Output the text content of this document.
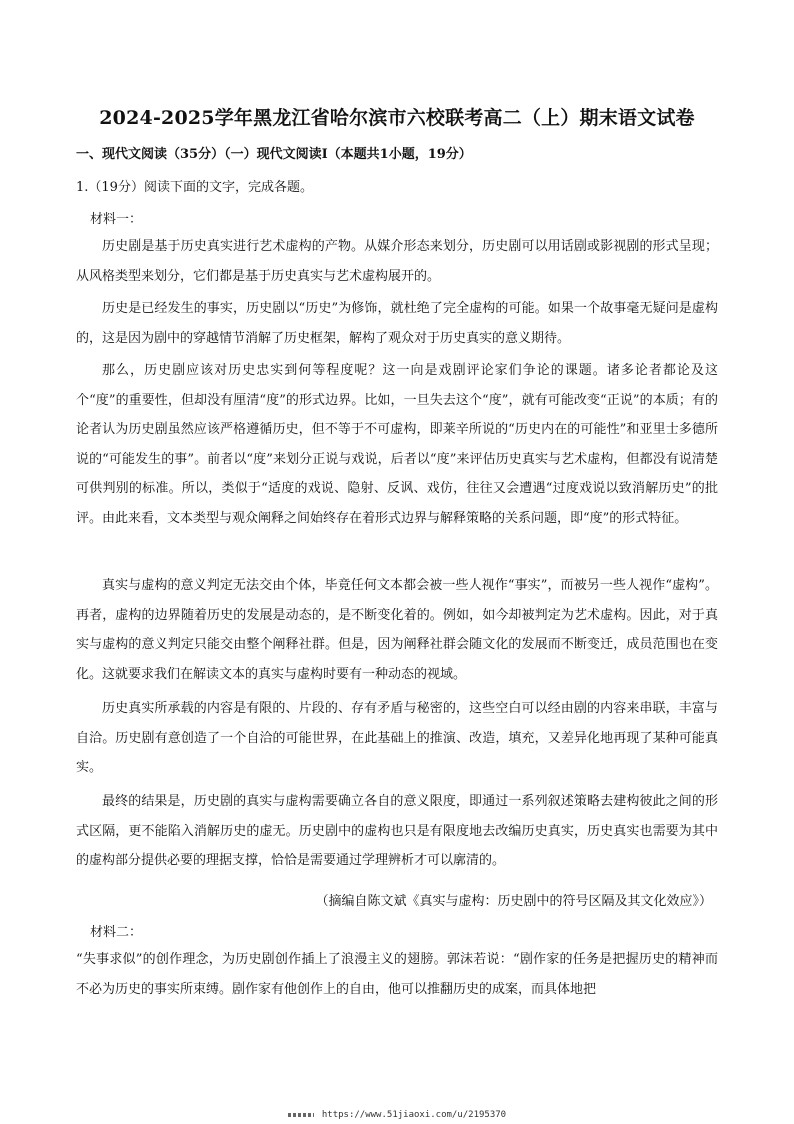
2024-2025学年黑龙江省哈尔滨市六校联考高二（上）期末语文试卷
一、现代文阅读（35分）（一）现代文阅读Ⅰ（本题共1小题，19分）
1.（19分）阅读下面的文字，完成各题。
材料一：
历史剧是基于历史真实进行艺术虚构的产物。从媒介形态来划分，历史剧可以用话剧或影视剧的形式呈现；从风格类型来划分，它们都是基于历史真实与艺术虚构展开的。
历史是已经发生的事实，历史剧以“历史”为修饰，就杜绝了完全虚构的可能。如果一个故事毫无疑问是虚构的，这是因为剧中的穿越情节消解了历史框架，解构了观众对于历史真实的意义期待。
那么，历史剧应该对历史忠实到何等程度呢？这一向是戏剧评论家们争论的课题。诸多论者都论及这个“度”的重要性，但却没有厘清“度”的形式边界。比如，一旦失去这个“度”，就有可能改变“正说”的本质；有的论者认为历史剧虽然应该严格遵循历史，但不等于不可虚构，即莱辛所说的“历史内在的可能性”和亚里士多德所说的“可能发生的事”。前者以“度”来划分正说与戏说，后者以“度”来评估历史真实与艺术虚构，但都没有说清楚可供判别的标准。所以，类似于“适度的戏说、隐射、反讽、戏仿，往往又会遭遇“过度戏说以致消解历史”的批评。由此来看，文本类型与观众阐释之间始终存在着形式边界与解释策略的关系问题，即“度”的形式特征。
真实与虚构的意义判定无法交由个体，毕竟任何文本都会被一些人视作“事实”，而被另一些人视作“虚构”。再者，虚构的边界随着历史的发展是动态的，是不断变化着的。例如，如今却被判定为艺术虚构。因此，对于真实与虚构的意义判定只能交由整个阐释社群。但是，因为阐释社群会随文化的发展而不断变迁，成员范围也在变化。这就要求我们在解读文本的真实与虚构时要有一种动态的视域。
历史真实所承载的内容是有限的、片段的、存有矛盾与秘密的，这些空白可以经由剧的内容来串联，丰富与自洽。历史剧有意创造了一个自洽的可能世界，在此基础上的推演、改造，填充，又差异化地再现了某种可能真实。
最终的结果是，历史剧的真实与虚构需要确立各自的意义限度，即通过一系列叙述策略去建构彼此之间的形式区隔，更不能陷入消解历史的虚无。历史剧中的虚构也只是有限度地去改编历史真实，历史真实也需要为其中的虚构部分提供必要的理据支撑，恰恰是需要通过学理辨析才可以廓清的。
（摘编自陈文斌《真实与虚构：历史剧中的符号区隔及其文化效应》）
材料二：
“失事求似”的创作理念，为历史剧创作插上了浪漫主义的翅膀。郭沫若说：“剧作家的任务是把握历史的精神而不必为历史的事实所束缚。剧作家有他创作上的自由，他可以推翻历史的成案，而具体地把
https://www.51jiaoxi.com/u/2195370
